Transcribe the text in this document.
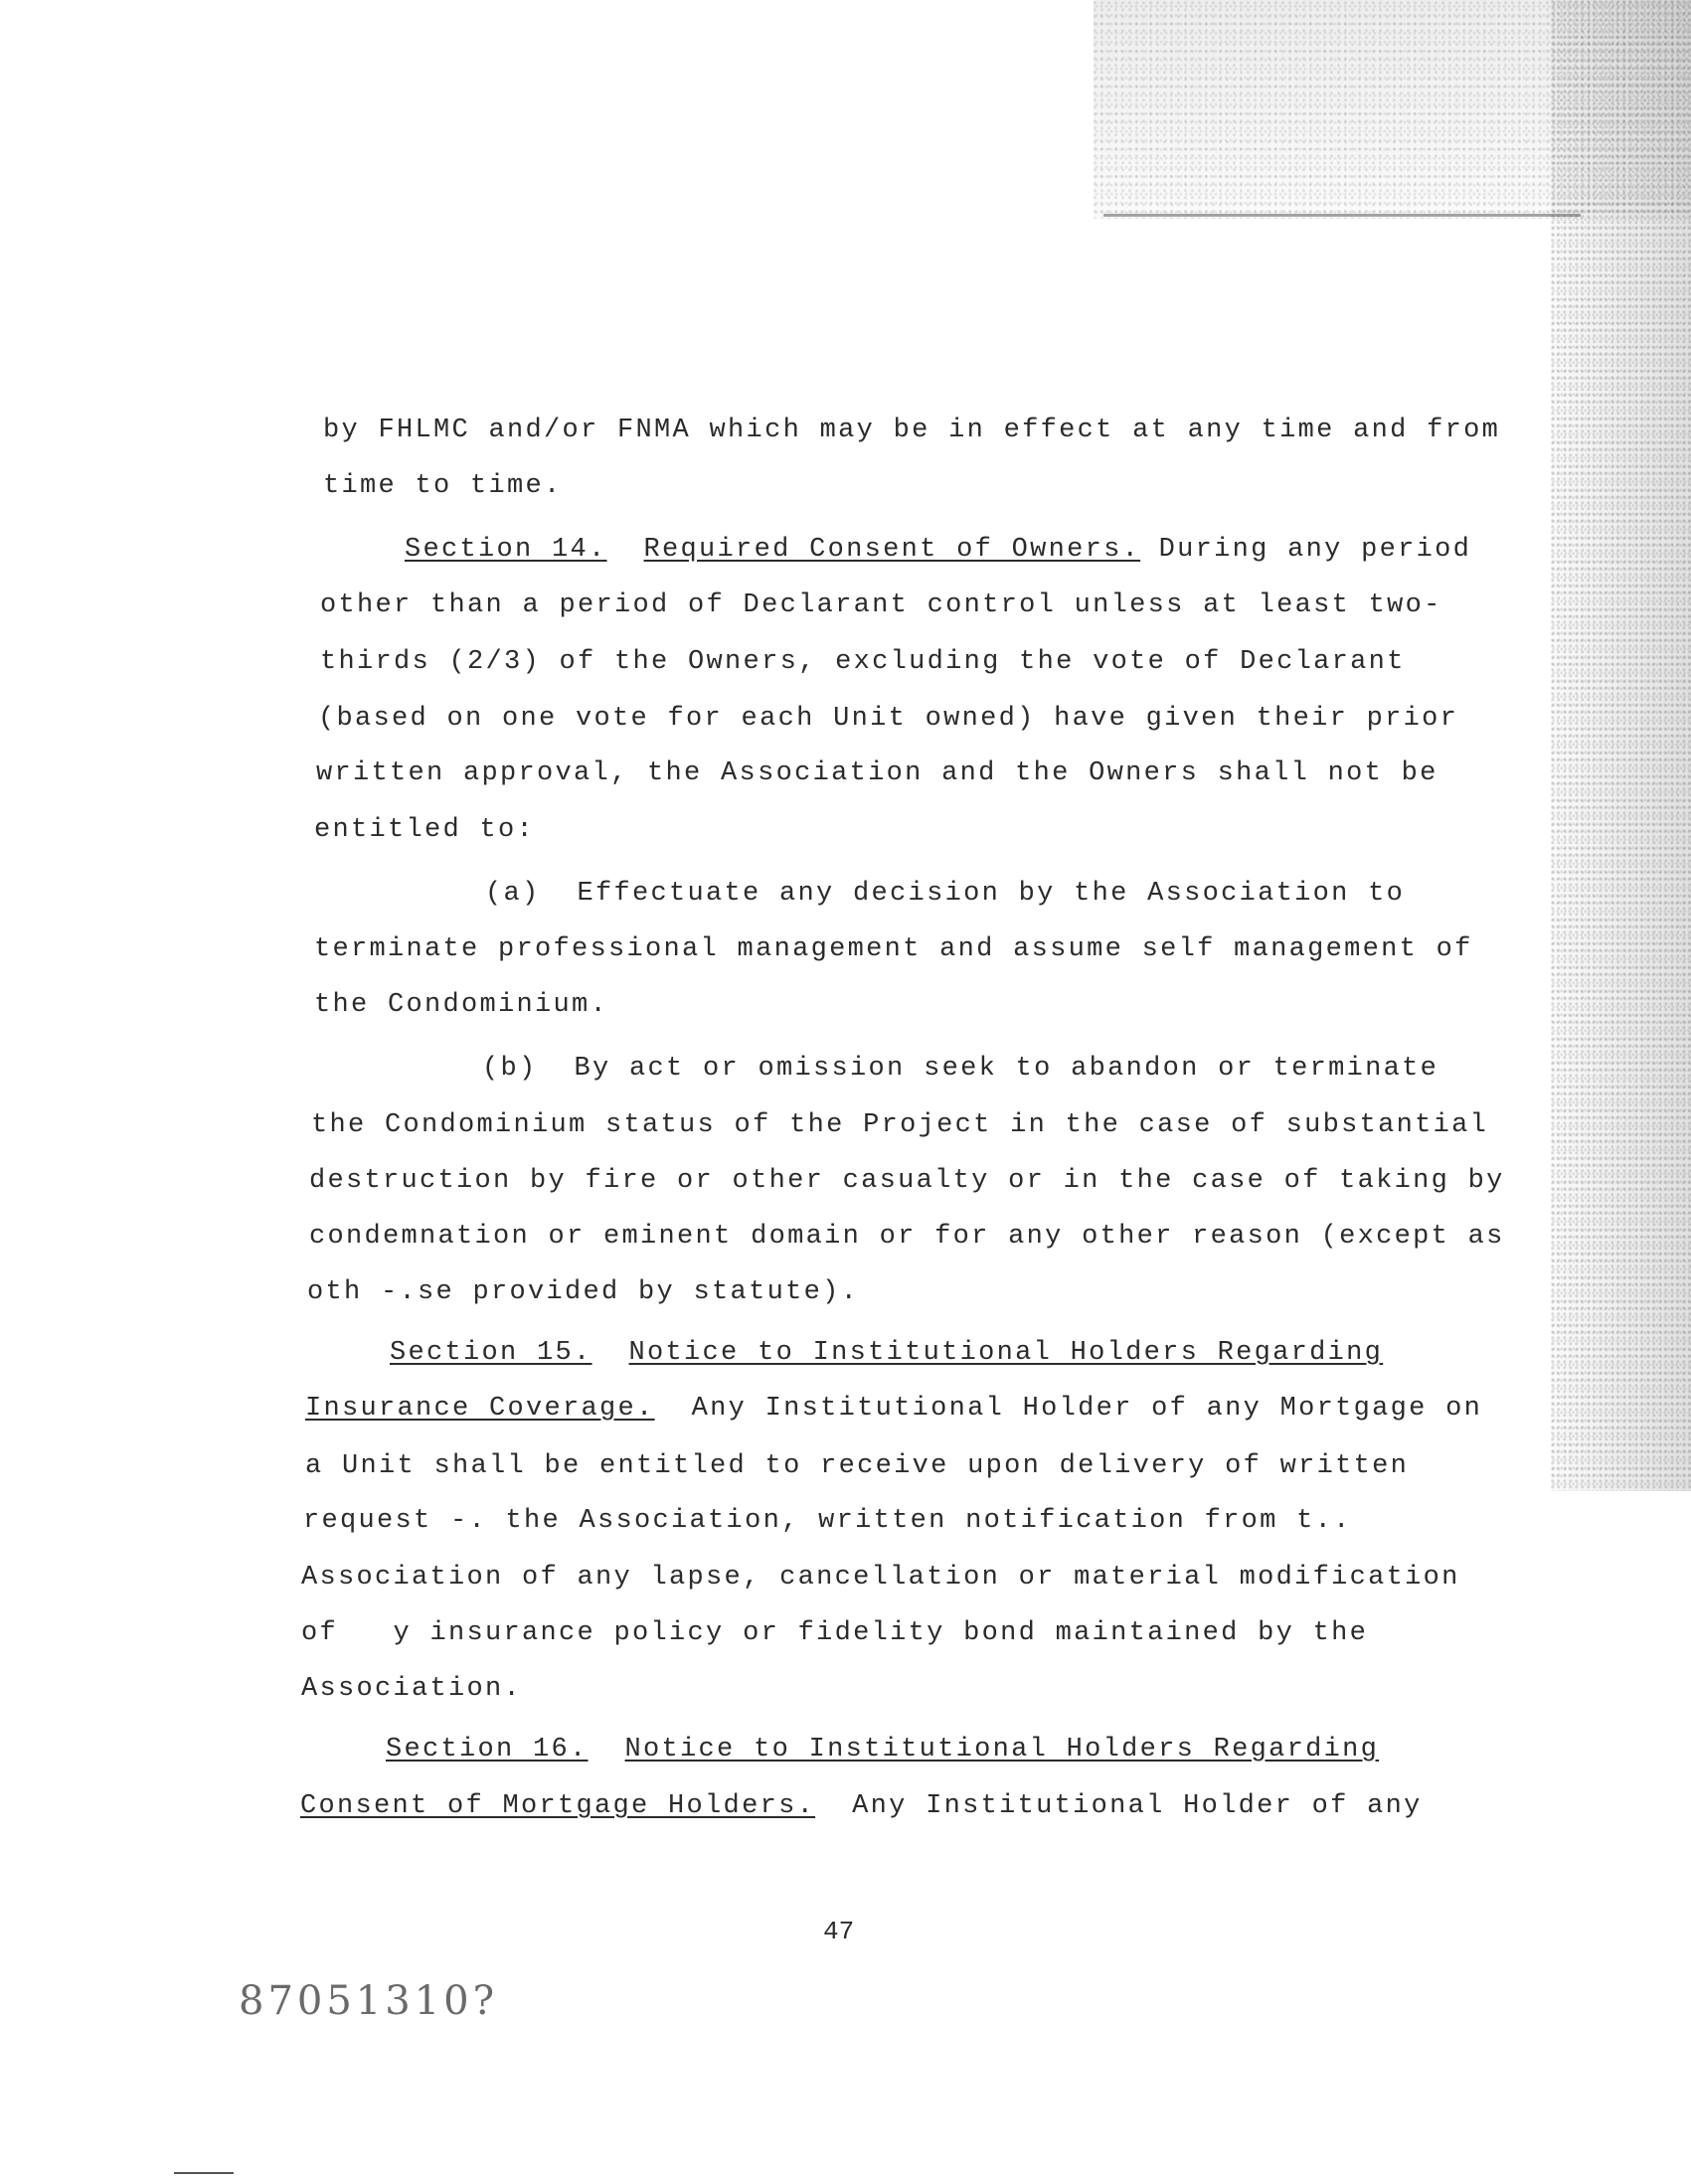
by FHLMC and/or FNMA which may be in effect at any time and from
time to time.
Section 14. Required Consent of Owners. During any period
other than a period of Declarant control unless at least two-
thirds (2/3) of the Owners, excluding the vote of Declarant
(based on one vote for each Unit owned) have given their prior
written approval, the Association and the Owners shall not be
entitled to:
(a)  Effectuate any decision by the Association to
terminate professional management and assume self management of
the Condominium.
(b)  By act or omission seek to abandon or terminate
the Condominium status of the Project in the case of substantial
destruction by fire or other casualty or in the case of taking by
condemnation or eminent domain or for any other reason (except as
oth -.se provided by statute).
Section 15. Notice to Institutional Holders Regarding
Insurance Coverage.  Any Institutional Holder of any Mortgage on
a Unit shall be entitled to receive upon delivery of written
request -. the Association, written notification from t..
Association of any lapse, cancellation or material modification
of   y insurance policy or fidelity bond maintained by the
Association.
Section 16. Notice to Institutional Holders Regarding
Consent of Mortgage Holders.  Any Institutional Holder of any
47
87051310?
